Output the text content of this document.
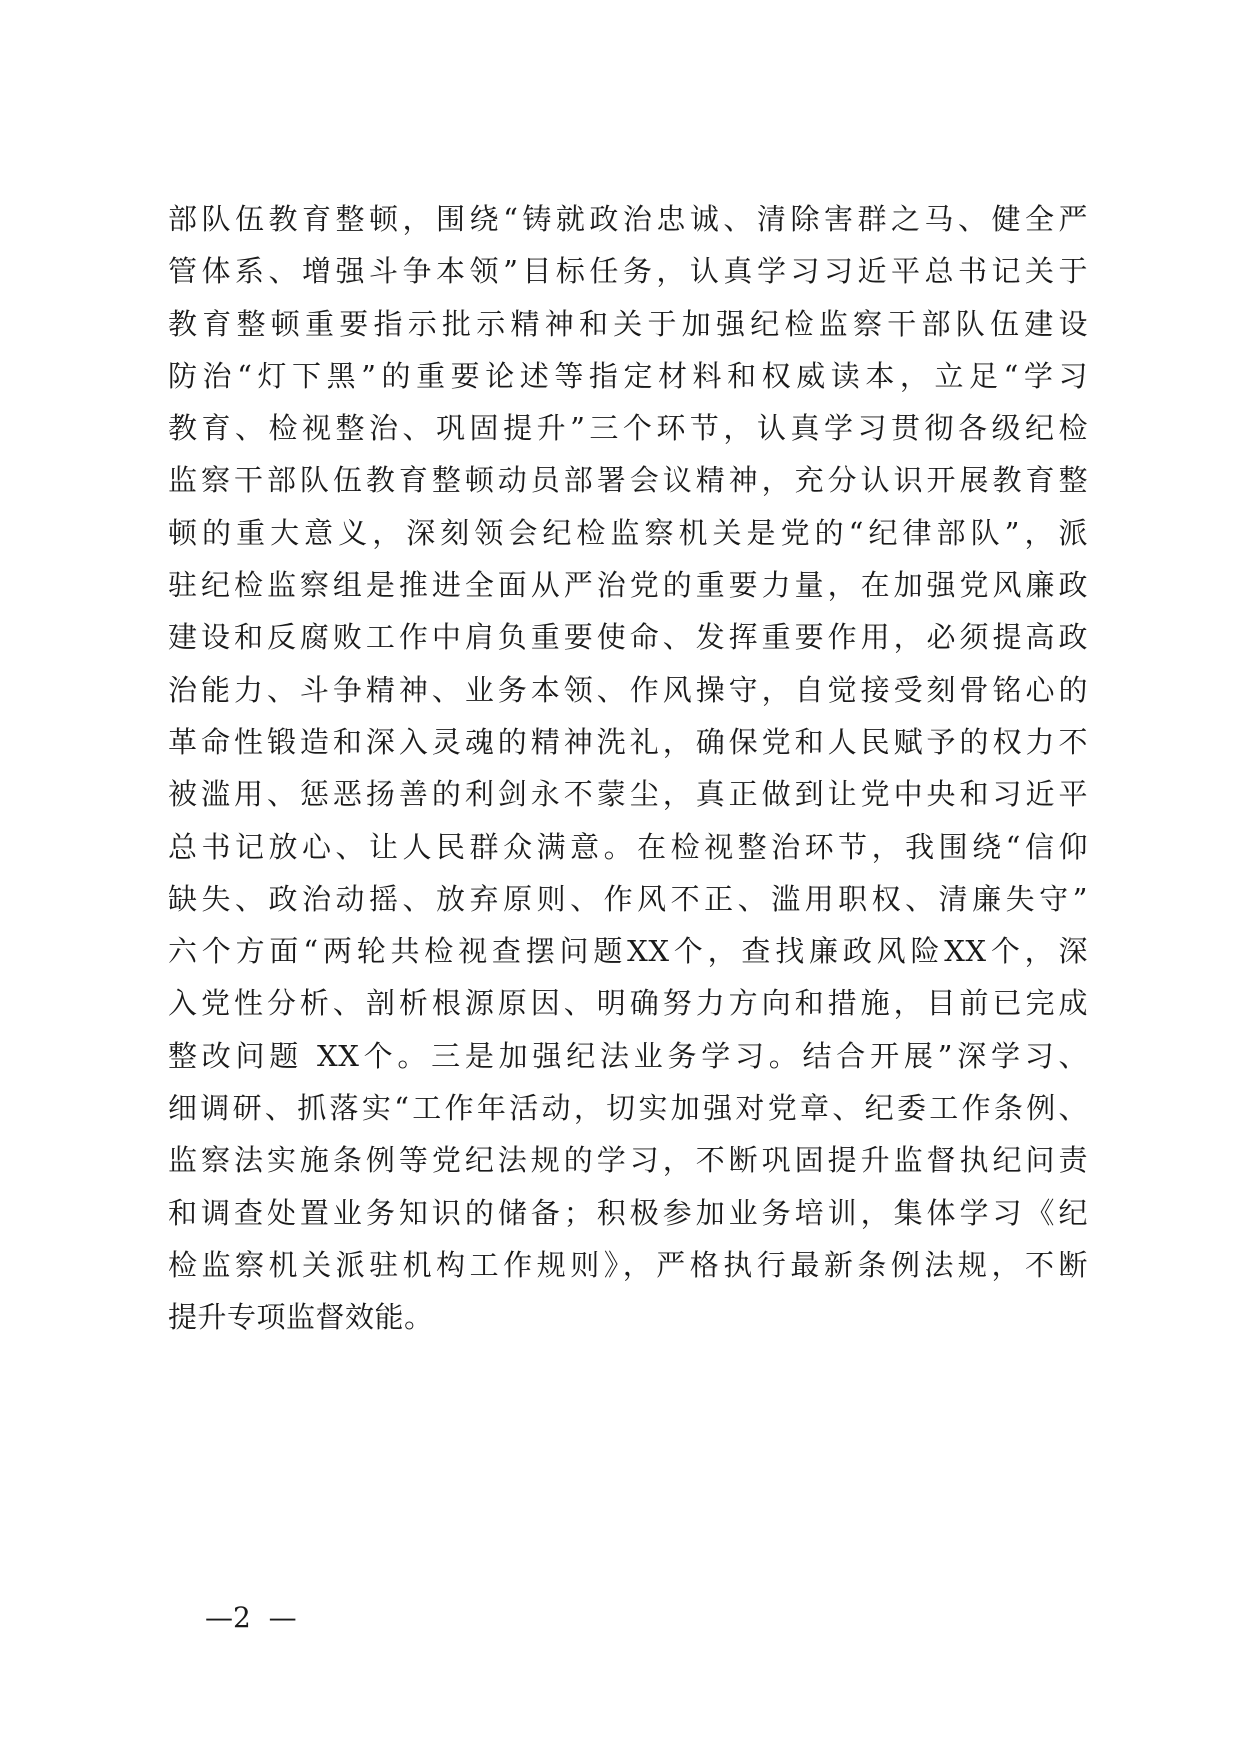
部队伍教育整顿，围绕“铸就政治忠诚、清除害群之马、健全严
管体系、增强斗争本领”目标任务，认真学习习近平总书记关于
教育整顿重要指示批示精神和关于加强纪检监察干部队伍建设
防治“灯下黑”的重要论述等指定材料和权威读本，立足“学习
教育、检视整治、巩固提升”三个环节，认真学习贯彻各级纪检
监察干部队伍教育整顿动员部署会议精神，充分认识开展教育整
顿的重大意义，深刻领会纪检监察机关是党的“纪律部队”，派
驻纪检监察组是推进全面从严治党的重要力量，在加强党风廉政
建设和反腐败工作中肩负重要使命、发挥重要作用，必须提高政
治能力、斗争精神、业务本领、作风操守，自觉接受刻骨铭心的
革命性锻造和深入灵魂的精神洗礼，确保党和人民赋予的权力不
被滥用、惩恶扬善的利剑永不蒙尘，真正做到让党中央和习近平
总书记放心、让人民群众满意。在检视整治环节，我围绕“信仰
缺失、政治动摇、放弃原则、作风不正、滥用职权、清廉失守”
六个方面“两轮共检视查摆问题XX个，查找廉政风险XX个，深
入党性分析、剖析根源原因、明确努力方向和措施，目前已完成
整改问题 XX个。三是加强纪法业务学习。结合开展”深学习、
细调研、抓落实“工作年活动，切实加强对党章、纪委工作条例、
监察法实施条例等党纪法规的学习，不断巩固提升监督执纪问责
和调查处置业务知识的储备；积极参加业务培训，集体学习《纪
检监察机关派驻机构工作规则》，严格执行最新条例法规，不断
提升专项监督效能。
—2  —
